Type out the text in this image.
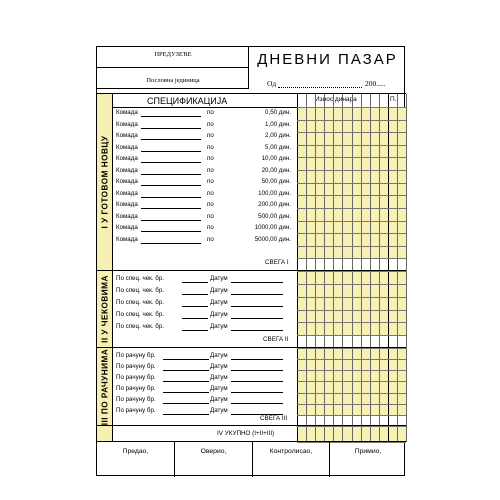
ПРЕДУЗЕЋЕ
Пословна јединица
ДНЕВНИ ПАЗАР
Од	200.....
I У ГОТОВОМ НОВЦУ
СПЕЦИФИКАЦИЈА	Износ динара	П.
Комада	по	0,50 дин.
Комада	по	1,00 дин.
Комада	по	2,00 дин.
Комада	по	5,00 дин.
Комада	по	10,00 дин.
Комада	по	20,00 дин.
Комада	по	50,00 дин.
Комада	по	100,00 дин.
Комада	по	200,00 дин.
Комада	по	500,00 дин.
Комада	по	1000,00 дин.
Комада	по	5000,00 дин.
СВЕГА I
II У ЧЕКОВИМА По спец. чек. бр.	Датум
По спец. чек. бр.	Датум
По спец. чек. бр.	Датум
По спец. чек. бр.	Датум
По спец. чек. бр.	Датум
СВЕГА II
III ПО РАЧУНИМА По рачуну бр.	Датум
По рачуну бр.	Датум
По рачуну бр.	Датум
По рачуну бр.	Датум
По рачуну бр.	Датум
По рачуну бр.	Датум
СВЕГА III
IV УКУПНО (I+II+III)
Предао,	Оверио,	Контролисао,	Примио,
